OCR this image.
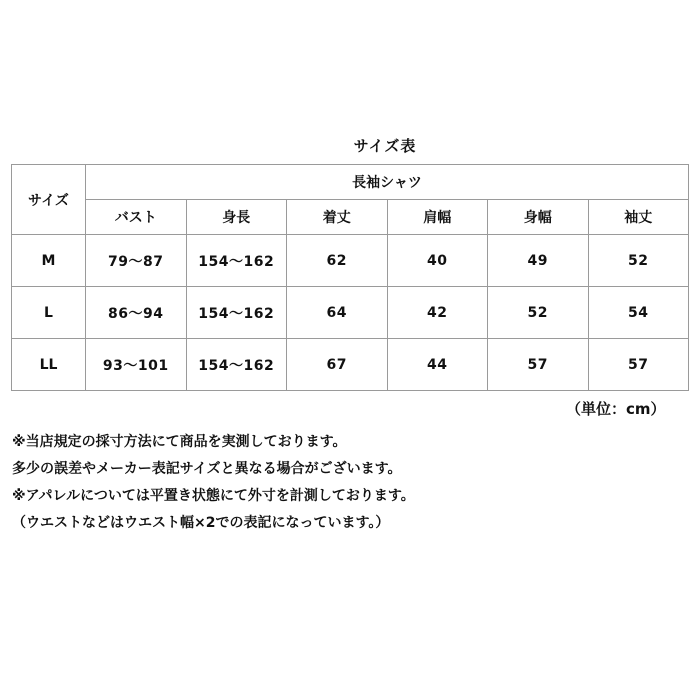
サイズ表
サイズ	長袖シャツ					
	バスト	身長	着丈	肩幅	身幅	袖丈
M	79～87	154～162	62	40	49	52
L	86～94	154～162	64	42	52	54
LL	93～101	154～162	67	44	57	57
（単位：cm）
※当店規定の採寸方法にて商品を実測しております。
多少の誤差やメーカー表記サイズと異なる場合がございます。
※アパレルについては平置き状態にて外寸を計測しております。
（ウエストなどはウエスト幅×2での表記になっています。）
